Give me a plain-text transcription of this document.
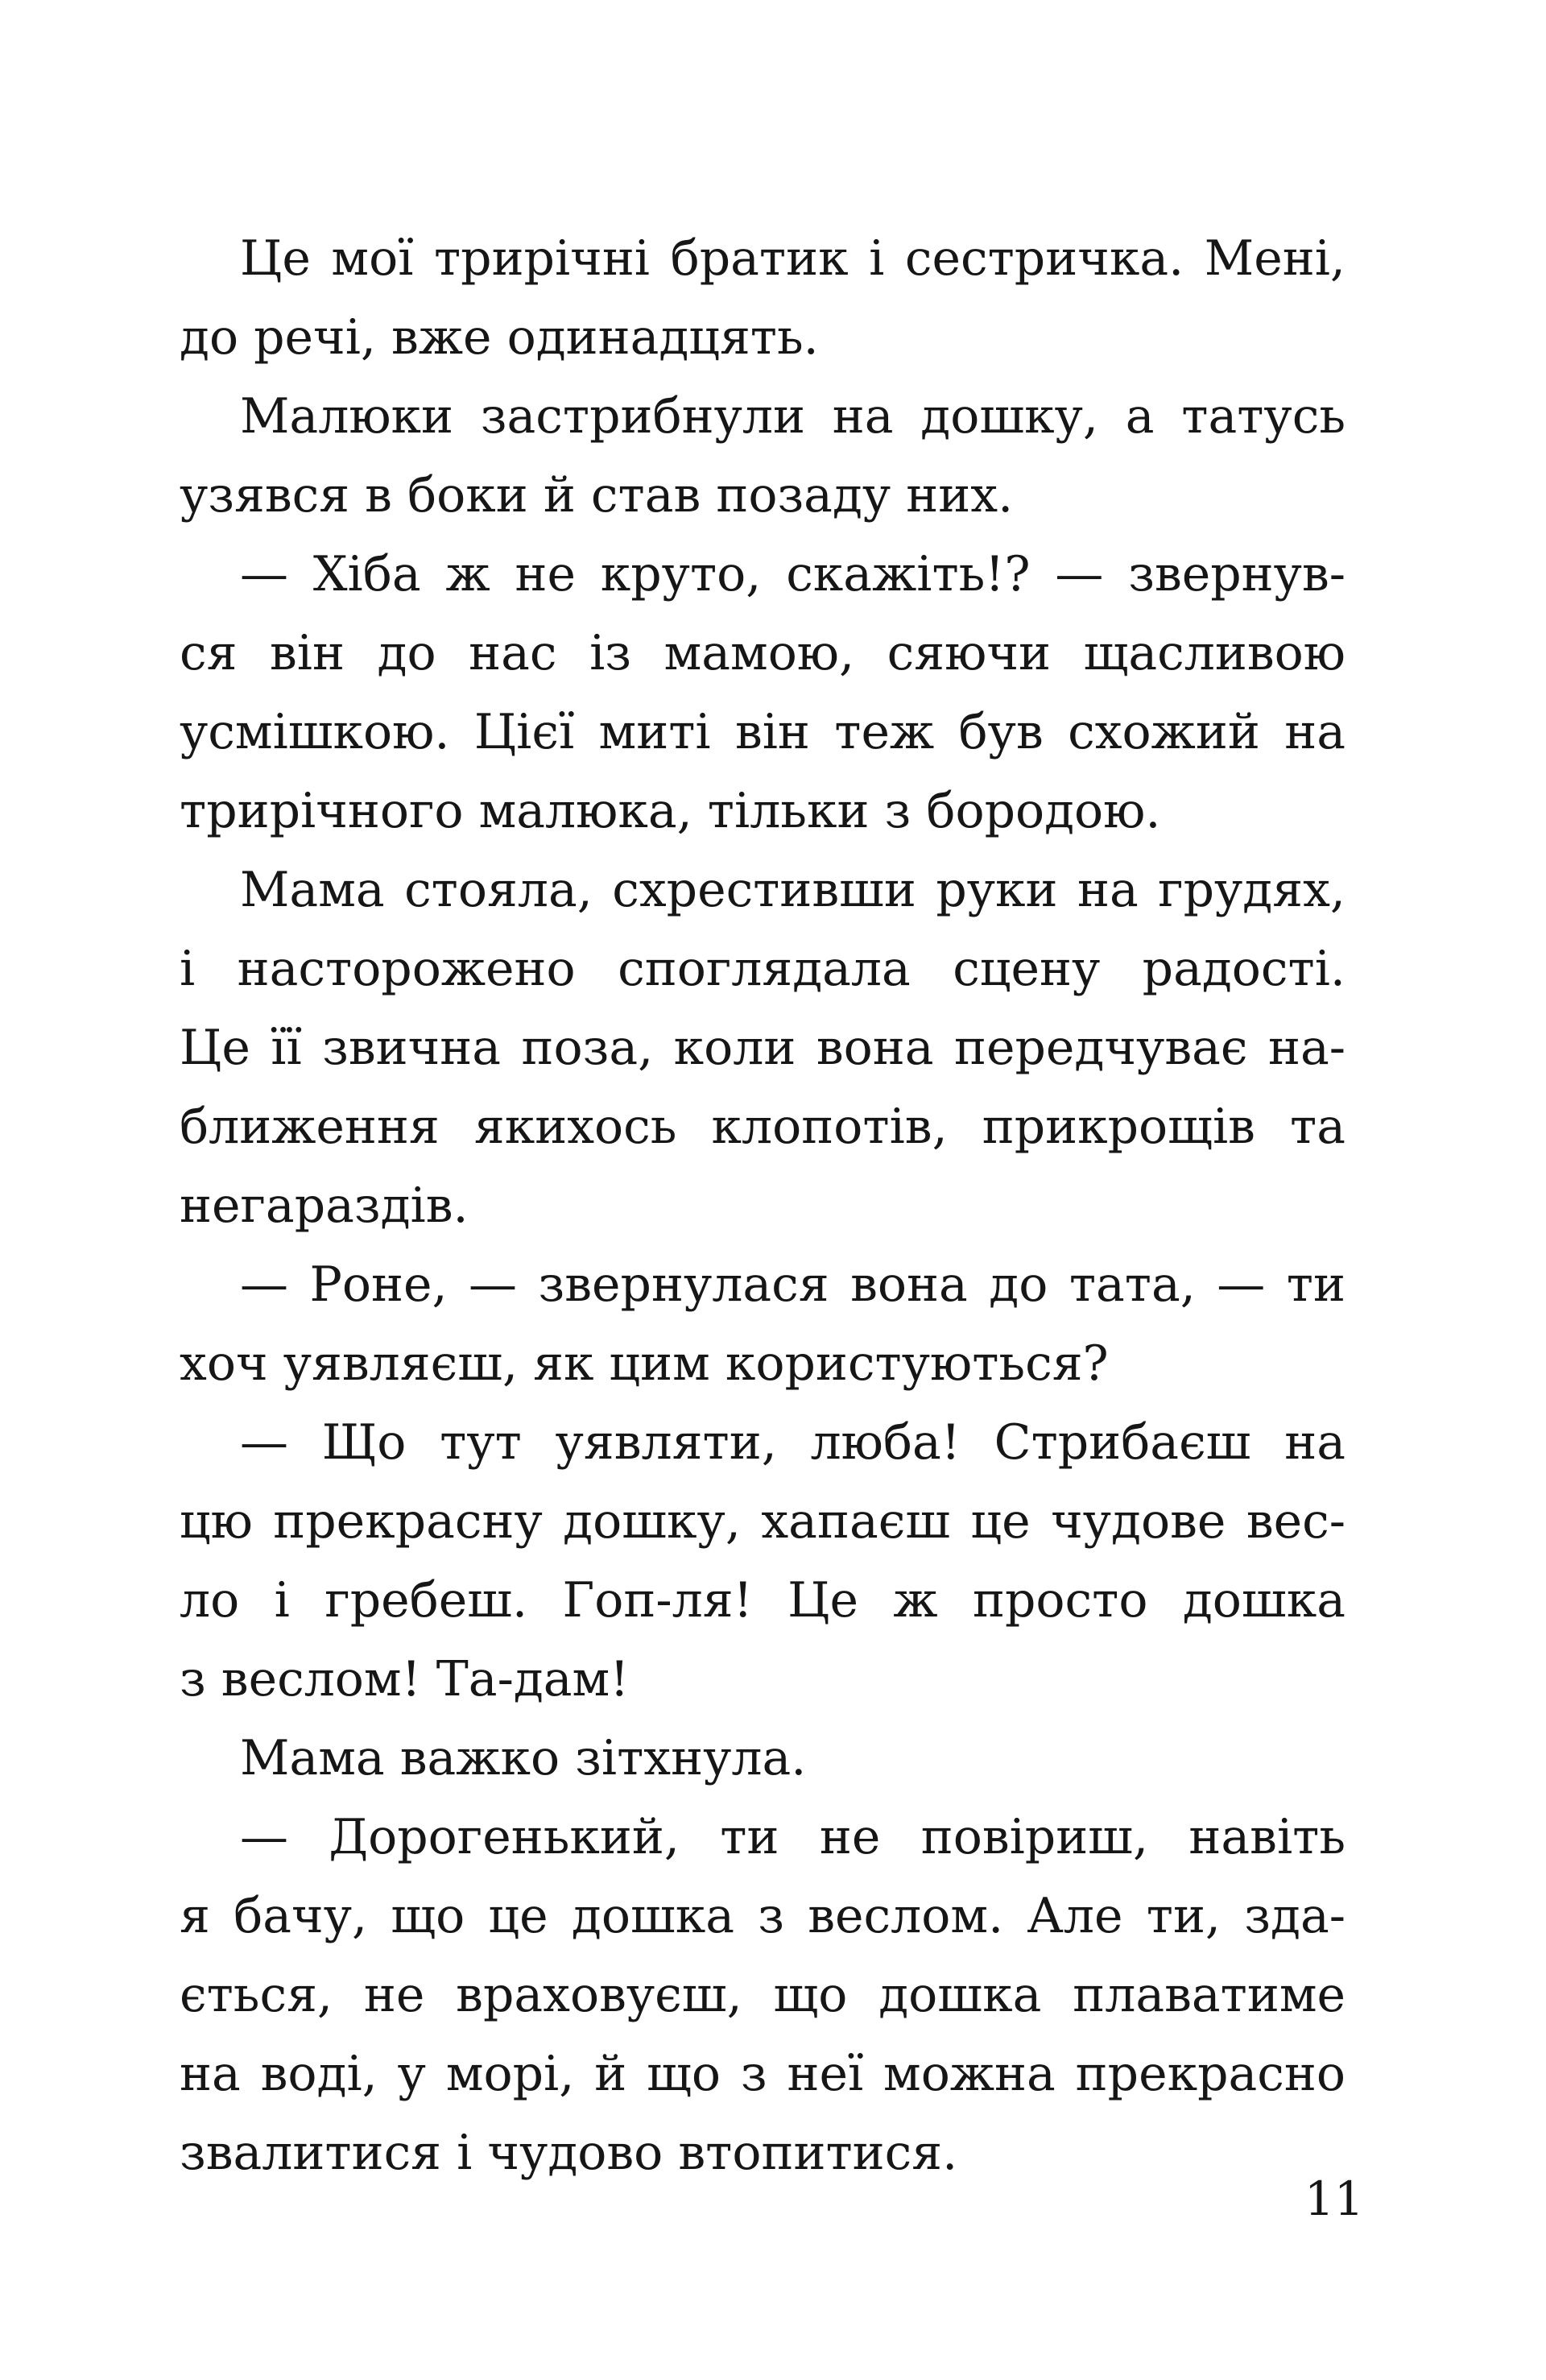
Це мої трирічні братик і сестричка. Мені,
до речі, вже одинадцять.
Малюки застрибнули на дошку, а татусь
узявся в боки й став позаду них.
— Хіба ж не круто, скажіть!? — звернув-
ся він до нас із мамою, сяючи щасливою
усмішкою. Цієї миті він теж був схожий на
трирічного малюка, тільки з бородою.
Мама стояла, схрестивши руки на грудях,
і насторожено споглядала сцену радості.
Це її звична поза, коли вона передчуває на-
ближення якихось клопотів, прикрощів та
негараздів.
— Роне, — звернулася вона до тата, — ти
хоч уявляєш, як цим користуються?
— Що тут уявляти, люба! Стрибаєш на
цю прекрасну дошку, хапаєш це чудове вес-
ло і гребеш. Гоп-ля! Це ж просто дошка
з веслом! Та-дам!
Мама важко зітхнула.
— Дорогенький, ти не повіриш, навіть
я бачу, що це дошка з веслом. Але ти, зда-
ється, не враховуєш, що дошка плаватиме
на воді, у морі, й що з неї можна прекрасно
звалитися і чудово втопитися.
11
